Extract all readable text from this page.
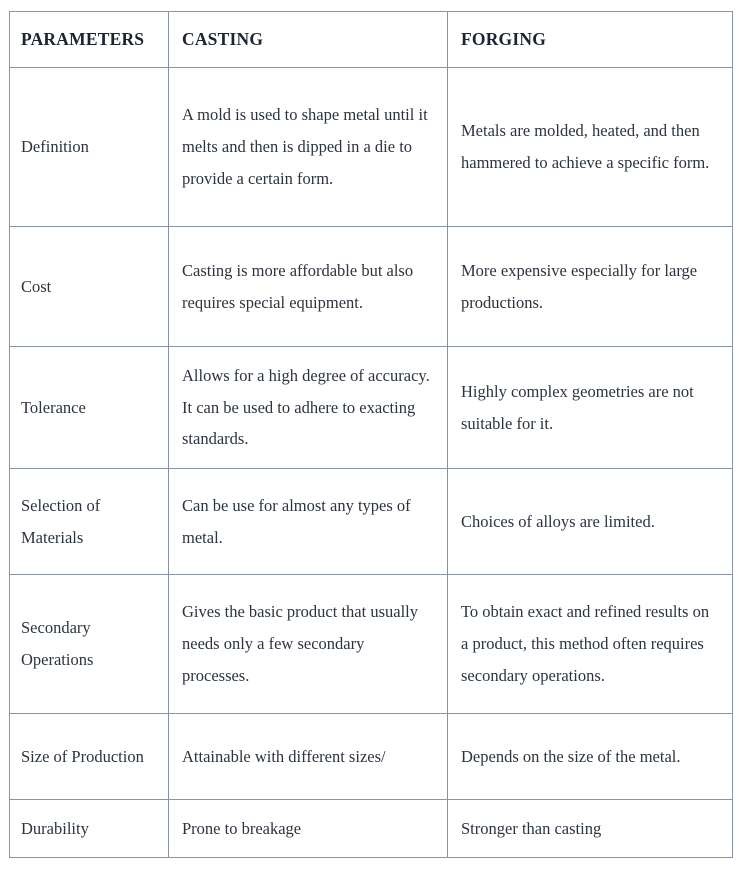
PARAMETERS	CASTING	FORGING

Definition	A mold is used to shape metal until it melts and then is dipped in a die to provide a certain form.	Metals are molded, heated, and then hammered to achieve a specific form.

Cost	Casting is more affordable but also requires special equipment.	More expensive especially for large productions.

Tolerance	Allows for a high degree of accuracy. It can be used to adhere to exacting standards.	Highly complex geometries are not suitable for it.

Selection of Materials	Can be use for almost any types of metal.	Choices of alloys are limited.

Secondary Operations	Gives the basic product that usually needs only a few secondary processes.	To obtain exact and refined results on a product, this method often requires secondary operations.

Size of Production	Attainable with different sizes/	Depends on the size of the metal.

Durability	Prone to breakage	Stronger than casting
